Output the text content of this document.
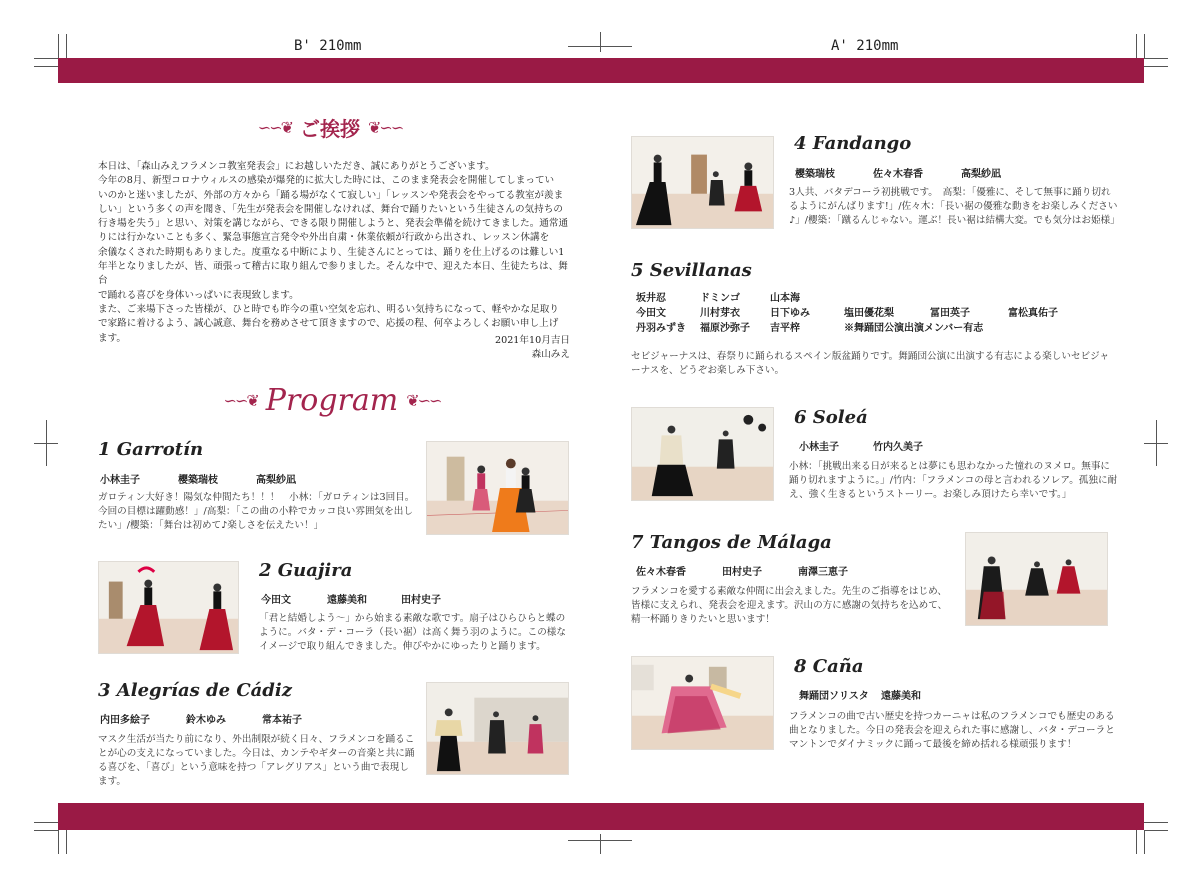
B' 210mm	A' 210mm
∽∽❦ ご挨拶 ❦∽∽

本日は、「森山みえフラメンコ教室発表会」にお越しいただき、誠にありがとうございます。

今年の8月、新型コロナウィルスの感染が爆発的に拡大した時には、このまま発表会を開催してしまってい

いのかと迷いましたが、外部の方々から「踊る場がなくて寂しい」「レッスンや発表会をやってる教室が羨ま

しい」という多くの声を聞き、「先生が発表会を開催しなければ、舞台で踊りたいという生徒さんの気持ちの

行き場を失う」と思い、対策を講じながら、できる限り開催しようと、発表会準備を続けてきました。通常通

りには行かないことも多く、緊急事態宣言発令や外出自粛・休業依頼が行政から出され、レッスン休講を

余儀なくされた時期もありました。度重なる中断により、生徒さんにとっては、踊りを仕上げるのは難しい1

年半となりましたが、皆、頑張って稽古に取り組んで参りました。そんな中で、迎えた本日、生徒たちは、舞台

で踊れる喜びを身体いっぱいに表現致します。

また、ご来場下さった皆様が、ひと時でも昨今の重い空気を忘れ、明るい気持ちになって、軽やかな足取り

で家路に着けるよう、誠心誠意、舞台を務めさせて頂きますので、応援の程、何卒よろしくお願い申し上げ

ます。	2021年10月吉日
森山みえ
∽∽❦ Program ❦∽∽
1 Garrotín
小林圭子	櫻築瑞枝	高梨紗凪
ガロティン大好き！陽気な仲間たち！！！　小林：「ガロティンは3回目。今回の目標は躍動感！」/高梨：「この曲の小粋でカッコ良い雰囲気を出したい」/櫻築：「舞台は初めて♪楽しさを伝えたい！」
2 Guajira
今田文	遠藤美和	田村史子
「君と結婚しよう〜」から始まる素敵な歌です。扇子はひらひらと蝶のように。バタ・デ・コーラ（長い裾）は高く舞う羽のように。この様なイメージで取り組んできました。伸びやかにゆったりと踊ります。
3 Alegrías de Cádiz
内田多絵子	鈴木ゆみ	常本祐子
マスク生活が当たり前になり、外出制限が続く日々、フラメンコを踊ることが心の支えになっていました。今日は、カンテやギターの音楽と共に踊る喜びを、「喜び」という意味を持つ「アレグリアス」という曲で表現します。
4 Fandango
櫻築瑞枝	佐々木春香	高梨紗凪
3人共、バタデコーラ初挑戦です。　高梨：「優雅に、そして無事に踊り切れるようにがんばります!」/佐々木：「長い裾の優雅な動きをお楽しみください♪」/櫻築：「蹴るんじゃない。運ぶ！長い裾は結構大変。でも気分はお姫様」
5 Sevillanas
坂井忍	ドミンゴ	山本海
今田文	川村芽衣	日下ゆみ	塩田優花梨	冨田英子	富松真佑子
丹羽みずき 福原沙弥子 吉平梓	※舞踊団公演出演メンバー有志
セビジャーナスは、春祭りに踊られるスペイン版盆踊りです。舞踊団公演に出演する有志による楽しいセビジャーナスを、どうぞお楽しみ下さい。
6 Soleá
小林圭子	竹内久美子
小林：「挑戦出来る日が来るとは夢にも思わなかった憧れのヌメロ。無事に踊り切れますように。」/竹内：「フラメンコの母と言われるソレア。孤独に耐え、強く生きるというストーリー。お楽しみ頂けたら幸いです。」
7 Tangos de Málaga
佐々木春香	田村史子	南澤三恵子
フラメンコを愛する素敵な仲間に出会えました。先生のご指導をはじめ、皆様に支えられ、発表会を迎えます。沢山の方に感謝の気持ちを込めて、精一杯踊りきりたいと思います！
8 Caña
舞踊団ソリスタ 遠藤美和
フラメンコの曲で古い歴史を持つカーニャは私のフラメンコでも歴史のある曲となりました。今日の発表会を迎えられた事に感謝し、バタ・デコーラとマントンでダイナミックに踊って最後を締め括れる様頑張ります！
